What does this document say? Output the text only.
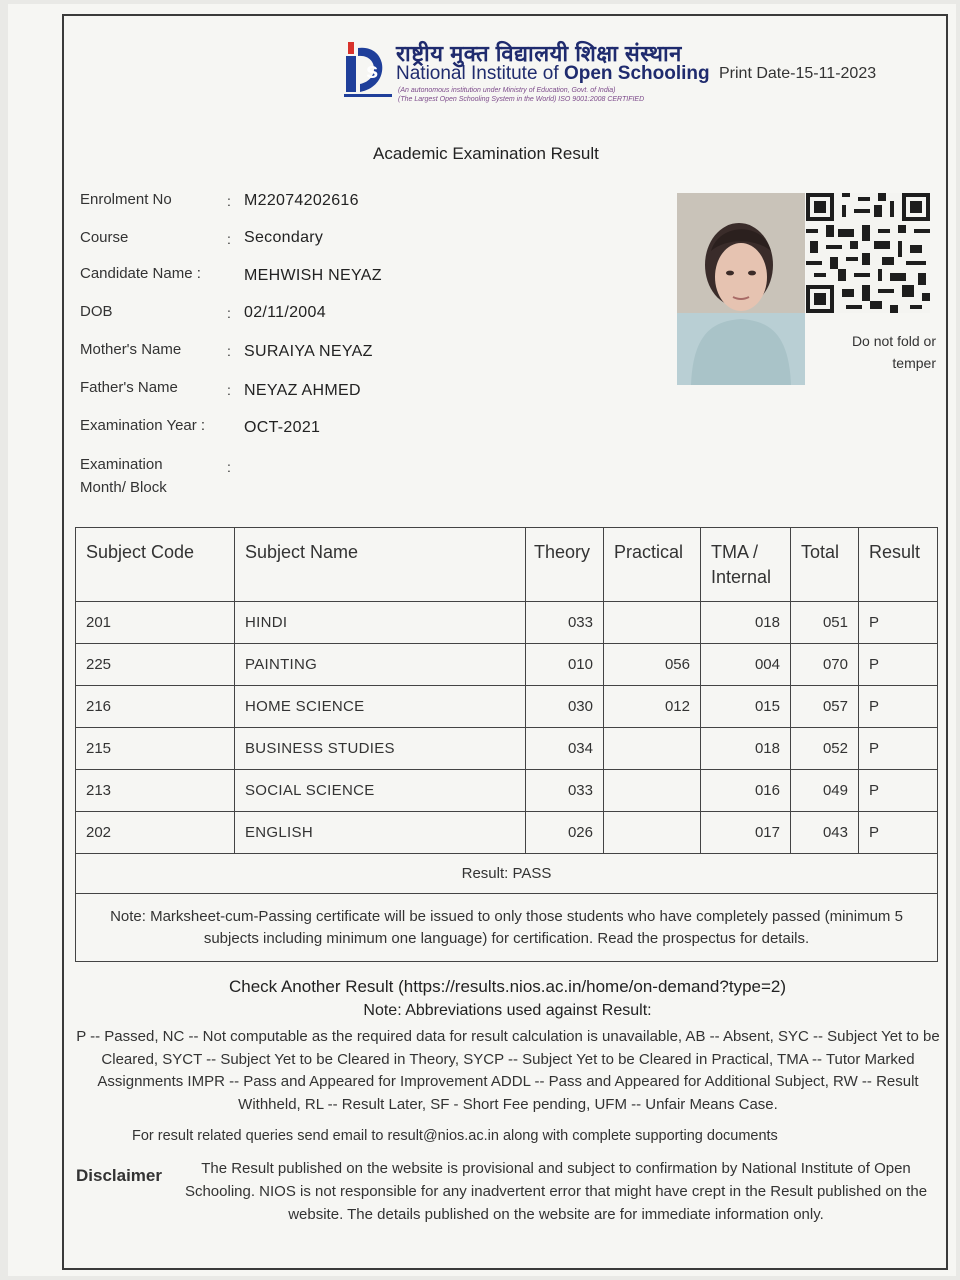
s
राष्ट्रीय मुक्त विद्यालयी शिक्षा संस्थान
National Institute of Open Schooling
(An autonomous institution under Ministry of Education, Govt. of India)
(The Largest Open Schooling System in the World) ISO 9001:2008 CERTIFIED
Print Date-15-11-2023
Academic Examination Result
Enrolment No	: M22074202616
Course	: Secondary
Candidate Name :	MEHWISH NEYAZ
DOB	: 02/11/2004
Mother's Name	: SURAIYA NEYAZ
Father's Name	: NEYAZ AHMED
Examination Year : OCT-2021
Examination
Month/ Block
:
Do not fold or temper
Subject Code	Subject Name	Theory	Practical	TMA / Internal	Total	Result
201	HINDI	033		018	051	P
225	PAINTING	010	056	004	070	P
216	HOME SCIENCE	030	012	015	057	P
215	BUSINESS STUDIES	034		018	052	P
213	SOCIAL SCIENCE	033		016	049	P
202	ENGLISH	026		017	043	P
Result: PASS						
Note: Marksheet-cum-Passing certificate will be issued to only those students who have completely passed (minimum 5 subjects including minimum one language) for certification. Read the prospectus for details.						
Check Another Result (https://results.nios.ac.in/home/on-demand?type=2)
Note: Abbreviations used against Result:
P -- Passed, NC -- Not computable as the required data for result calculation is unavailable, AB -- Absent, SYC -- Subject Yet to be Cleared, SYCT -- Subject Yet to be Cleared in Theory, SYCP -- Subject Yet to be Cleared in Practical, TMA -- Tutor Marked Assignments IMPR -- Pass and Appeared for Improvement ADDL -- Pass and Appeared for Additional Subject, RW -- Result Withheld, RL -- Result Later, SF - Short Fee pending, UFM -- Unfair Means Case.
For result related queries send email to result@nios.ac.in along with complete supporting documents
Disclaimer	The Result published on the website is provisional and subject to confirmation by National Institute of Open Schooling. NIOS is not responsible for any inadvertent error that might have crept in the Result published on the website. The details published on the website are for immediate information only.
